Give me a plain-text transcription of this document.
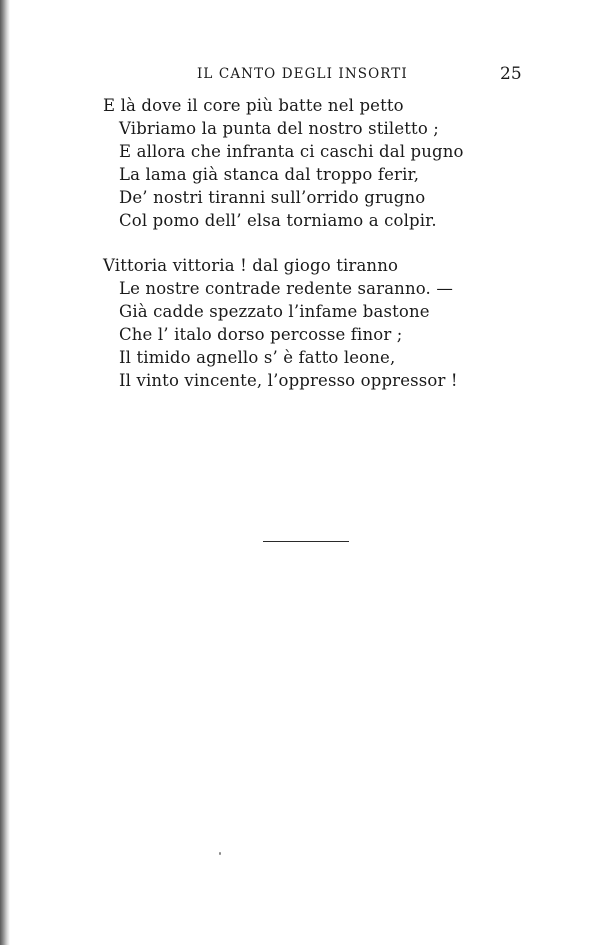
IL CANTO DEGLI INSORTI	25
E là dove il core più batte nel petto
Vibriamo la punta del nostro stiletto ;
E allora che infranta ci caschi dal pugno
La lama già stanca dal troppo ferir,
De’ nostri tiranni sull’orrido grugno
Col pomo dell’ elsa torniamo a colpir.
Vittoria vittoria ! dal giogo tiranno
Le nostre contrade redente saranno. —
Già cadde spezzato l’infame bastone
Che l’ italo dorso percosse finor ;
Il timido agnello s’ è fatto leone,
Il vinto vincente, l’oppresso oppressor !
